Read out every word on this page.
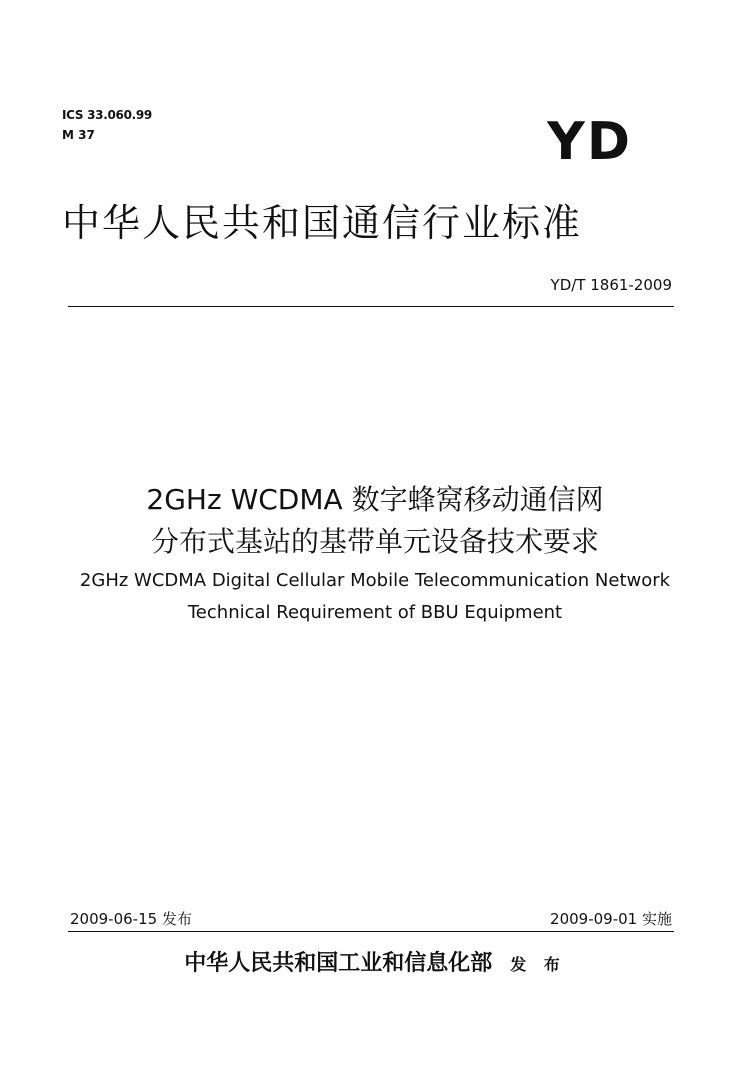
ICS 33.060.99
M 37	YD
中华人民共和国通信行业标准
YD/T 1861-2009
2GHz WCDMA 数字蜂窝移动通信网
分布式基站的基带单元设备技术要求
2GHz WCDMA Digital Cellular Mobile Telecommunication Network
Technical Requirement of BBU Equipment
2009-06-15 发布	2009-09-01 实施
中华人民共和国工业和信息化部 发 布
